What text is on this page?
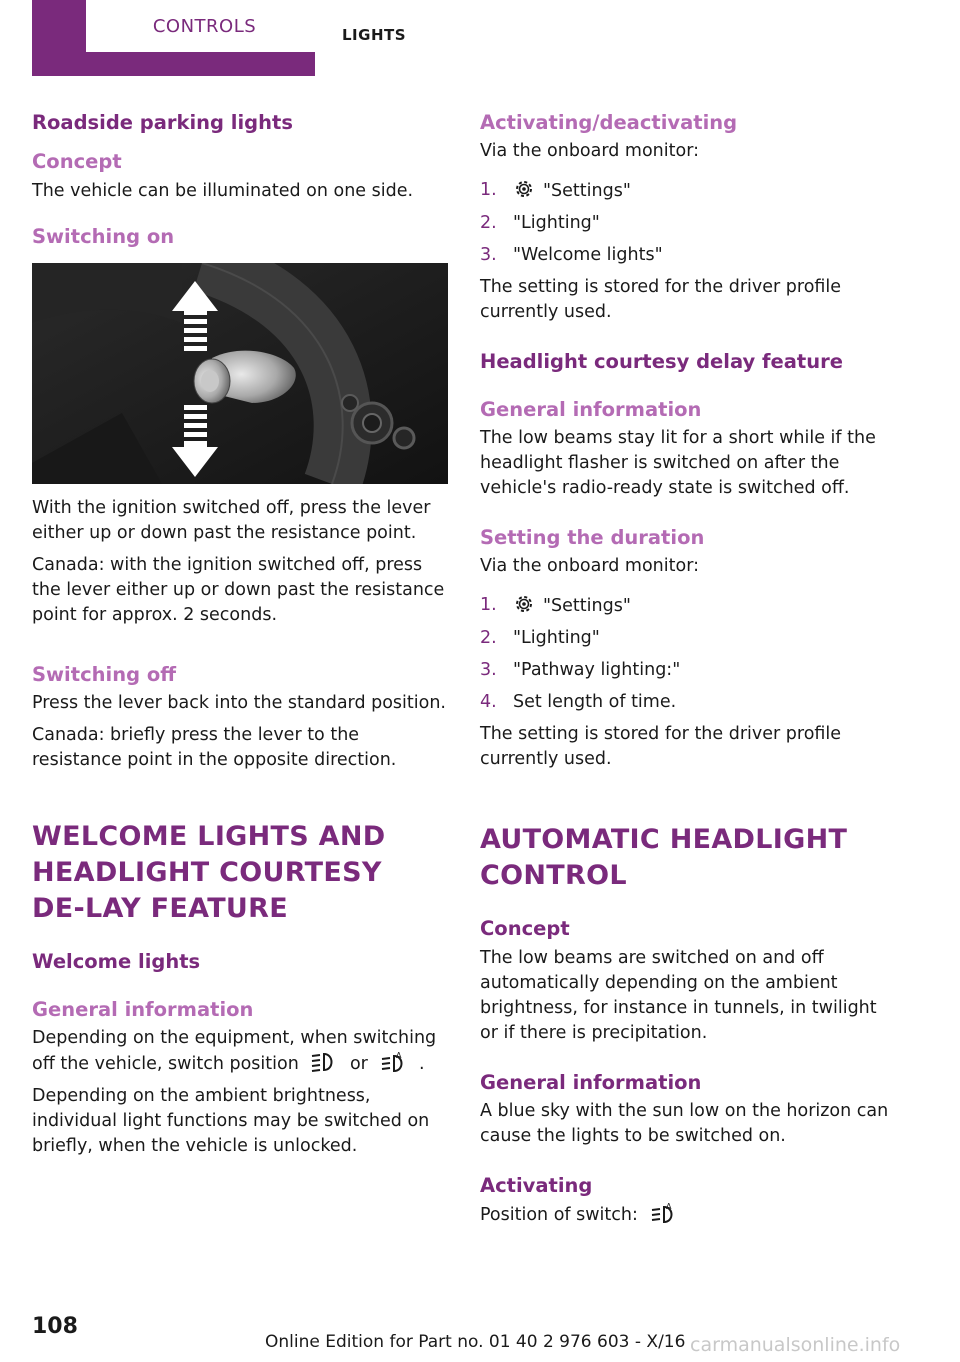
CONTROLS	LIGHTS
Roadside parking lights
Concept
The vehicle can be illuminated on one side.
Switching on
With the ignition switched off, press the lever either up or down past the resistance point.
Canada: with the ignition switched off, press the lever either up or down past the resistance point for approx. 2 seconds.
Switching off
Press the lever back into the standard position.
Canada: briefly press the lever to the resistance point in the opposite direction.
WELCOME LIGHTS AND HEADLIGHT COURTESY DE-LAY FEATURE
Welcome lights
General information
Depending on the equipment, when switching off the vehicle, switch position	or	A .
Depending on the ambient brightness, individual light functions may be switched on briefly, when the vehicle is unlocked.
Activating/deactivating
Via the onboard monitor:
1.	"Settings"
2. "Lighting"
3. "Welcome lights"
The setting is stored for the driver profile currently used.
Headlight courtesy delay feature
General information
The low beams stay lit for a short while if the headlight flasher is switched on after the vehicle's radio-ready state is switched off.
Setting the duration
Via the onboard monitor:
1.	"Settings"
2. "Lighting"
3. "Pathway lighting:"
4. Set length of time.
The setting is stored for the driver profile currently used.
AUTOMATIC HEADLIGHT CONTROL
Concept
The low beams are switched on and off automatically depending on the ambient brightness, for instance in tunnels, in twilight or if there is precipitation.
General information
A blue sky with the sun low on the horizon can cause the lights to be switched on.
Activating
Position of switch:	A
108
Online Edition for Part no. 01 40 2 976 603 - X/16 carmanualsonline.info
